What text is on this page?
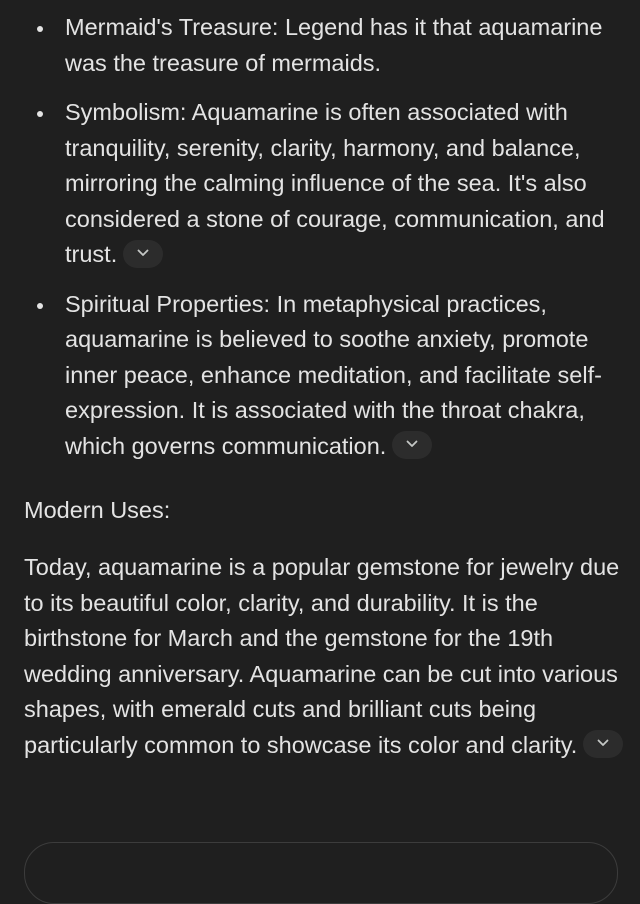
Mermaid's Treasure: Legend has it that aquamarine was the treasure of mermaids.
Symbolism: Aquamarine is often associated with tranquility, serenity, clarity, harmony, and balance, mirroring the calming influence of the sea. It's also considered a stone of courage, communication, and trust.
Spiritual Properties: In metaphysical practices, aquamarine is believed to soothe anxiety, promote inner peace, enhance meditation, and facilitate self-expression. It is associated with the throat chakra, which governs communication.
Modern Uses:
Today, aquamarine is a popular gemstone for jewelry due to its beautiful color, clarity, and durability. It is the birthstone for March and the gemstone for the 19th wedding anniversary. Aquamarine can be cut into various shapes, with emerald cuts and brilliant cuts being particularly common to showcase its color and clarity.
